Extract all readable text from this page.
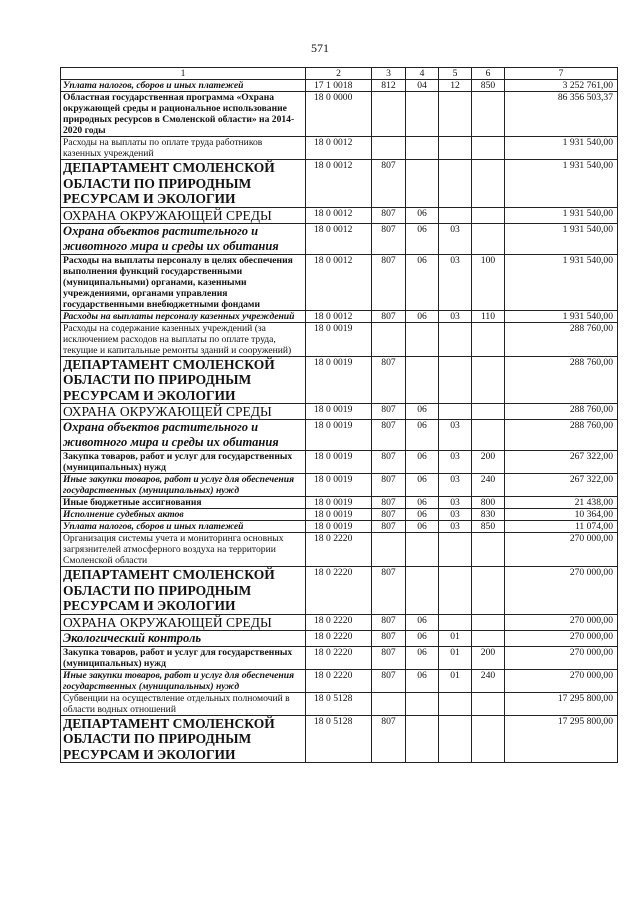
571
1	2	3	4	5	6	7
Уплата налогов, сборов и иных платежей	17 1 0018	812	04	12	850	3 252 761,00
Областная государственная программа «Охрана окружающей среды и рациональное использование природных ресурсов в Смоленской области» на 2014-2020 годы	18 0 0000					86 356 503,37
Расходы на выплаты по оплате труда работников казенных учреждений	18 0 0012					1 931 540,00
ДЕПАРТАМЕНТ СМОЛЕНСКОЙ ОБЛАСТИ ПО ПРИРОДНЫМ РЕСУРСАМ И ЭКОЛОГИИ	18 0 0012	807				1 931 540,00
ОХРАНА ОКРУЖАЮЩЕЙ СРЕДЫ	18 0 0012	807	06			1 931 540,00
Охрана объектов растительного и животного мира и среды их обитания	18 0 0012	807	06	03		1 931 540,00
Расходы на выплаты персоналу в целях обеспечения выполнения функций государственными (муниципальными) органами, казенными учреждениями, органами управления государственными внебюджетными фондами	18 0 0012	807	06	03	100	1 931 540,00
Расходы на выплаты персоналу казенных учреждений	18 0 0012	807	06	03	110	1 931 540,00
Расходы на содержание казенных учреждений (за исключением расходов на выплаты по оплате труда, текущие и капитальные ремонты зданий и сооружений)	18 0 0019					288 760,00
ДЕПАРТАМЕНТ СМОЛЕНСКОЙ ОБЛАСТИ ПО ПРИРОДНЫМ РЕСУРСАМ И ЭКОЛОГИИ	18 0 0019	807				288 760,00
ОХРАНА ОКРУЖАЮЩЕЙ СРЕДЫ	18 0 0019	807	06			288 760,00
Охрана объектов растительного и животного мира и среды их обитания	18 0 0019	807	06	03		288 760,00
Закупка товаров, работ и услуг для государственных (муниципальных) нужд	18 0 0019	807	06	03	200	267 322,00
Иные закупки товаров, работ и услуг для обеспечения государственных (муниципальных) нужд	18 0 0019	807	06	03	240	267 322,00
Иные бюджетные ассигнования	18 0 0019	807	06	03	800	21 438,00
Исполнение судебных актов	18 0 0019	807	06	03	830	10 364,00
Уплата налогов, сборов и иных платежей	18 0 0019	807	06	03	850	11 074,00
Организация системы учета и мониторинга основных загрязнителей атмосферного воздуха на территории Смоленской области	18 0 2220					270 000,00
ДЕПАРТАМЕНТ СМОЛЕНСКОЙ ОБЛАСТИ ПО ПРИРОДНЫМ РЕСУРСАМ И ЭКОЛОГИИ	18 0 2220	807				270 000,00
ОХРАНА ОКРУЖАЮЩЕЙ СРЕДЫ	18 0 2220	807	06			270 000,00
Экологический контроль	18 0 2220	807	06	01		270 000,00
Закупка товаров, работ и услуг для государственных (муниципальных) нужд	18 0 2220	807	06	01	200	270 000,00
Иные закупки товаров, работ и услуг для обеспечения государственных (муниципальных) нужд	18 0 2220	807	06	01	240	270 000,00
Субвенции на осуществление отдельных полномочий в области водных отношений	18 0 5128					17 295 800,00
ДЕПАРТАМЕНТ СМОЛЕНСКОЙ ОБЛАСТИ ПО ПРИРОДНЫМ РЕСУРСАМ И ЭКОЛОГИИ	18 0 5128	807				17 295 800,00
